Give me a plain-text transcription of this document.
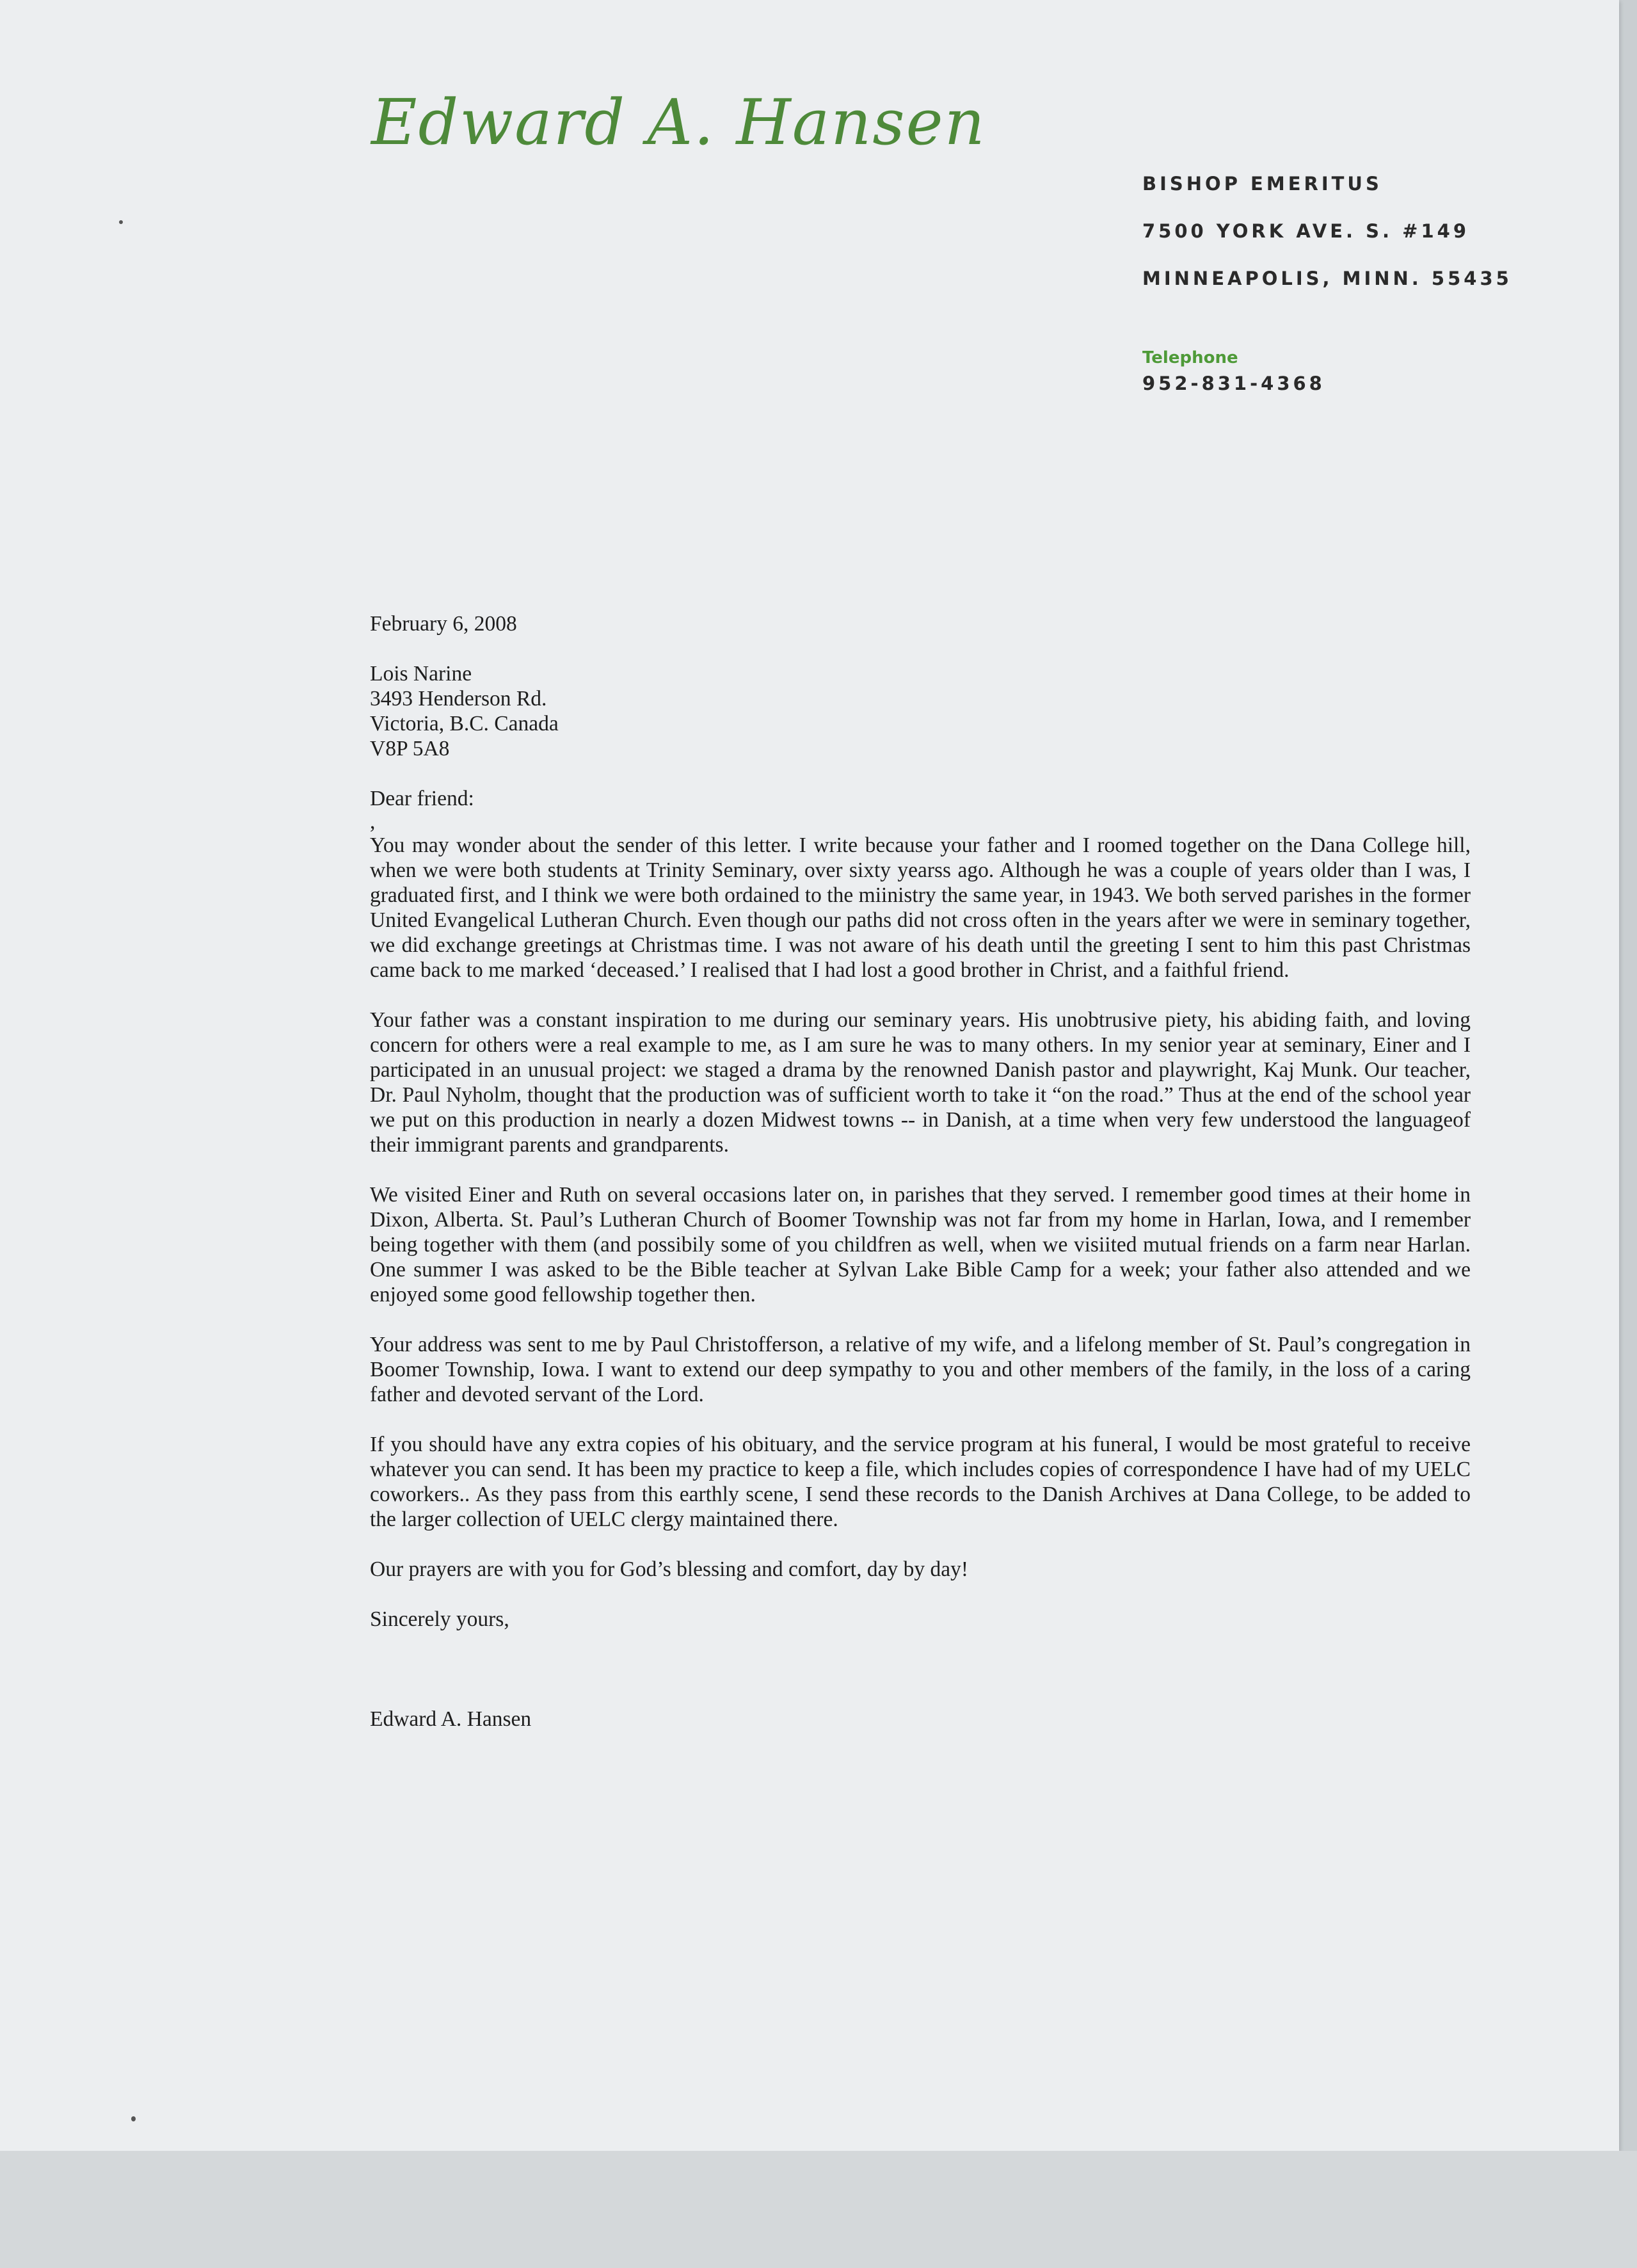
Edward A. Hansen
BISHOP EMERITUS
7500 YORK AVE. S. #149
MINNEAPOLIS, MINN. 55435
Telephone
952-831-4368
February 6, 2008
Lois Narine
3493 Henderson Rd.
Victoria, B.C. Canada
V8P 5A8
Dear friend:
,

You may wonder about the sender of this letter. I write because your father and I roomed together on the Dana College hill, when we were both students at Trinity Seminary, over sixty yearss ago. Although he was a couple of years older than I was, I graduated first, and I think we were both ordained to the miinistry the same year, in 1943. We both served parishes in the former United Evangelical Lutheran Church. Even though our paths did not cross often in the years after we were in seminary together, we did exchange greetings at Christmas time. I was not aware of his death until the greeting I sent to him this past Christmas came back to me marked ‘deceased.’ I realised that I had lost a good brother in Christ, and a faithful friend.

Your father was a constant inspiration to me during our seminary years. His unobtrusive piety, his abiding faith, and loving concern for others were a real example to me, as I am sure he was to many others. In my senior year at seminary, Einer and I participated in an unusual project: we staged a drama by the renowned Danish pastor and playwright, Kaj Munk. Our teacher, Dr. Paul Nyholm, thought that the production was of sufficient worth to take it “on the road.” Thus at the end of the school year we put on this production in nearly a dozen Midwest towns -- in Danish, at a time when very few understood the languageof their immigrant parents and grandparents.

We visited Einer and Ruth on several occasions later on, in parishes that they served. I remember good times at their home in Dixon, Alberta. St. Paul’s Lutheran Church of Boomer Township was not far from my home in Harlan, Iowa, and I remember being together with them (and possibily some of you childfren as well, when we visiited mutual friends on a farm near Harlan. One summer I was asked to be the Bible teacher at Sylvan Lake Bible Camp for a week; your father also attended and we enjoyed some good fellowship together then.

Your address was sent to me by Paul Christofferson, a relative of my wife, and a lifelong member of St. Paul’s congregation in Boomer Township, Iowa. I want to extend our deep sympathy to you and other members of the family, in the loss of a caring father and devoted servant of the Lord.

If you should have any extra copies of his obituary, and the service program at his funeral, I would be most grateful to receive whatever you can send. It has been my practice to keep a file, which includes copies of correspondence I have had of my UELC coworkers.. As they pass from this earthly scene, I send these records to the Danish Archives at Dana College, to be added to the larger collection of UELC clergy maintained there.

Our prayers are with you for God’s blessing and comfort, day by day!

Sincerely yours,
Edward A. Hansen
